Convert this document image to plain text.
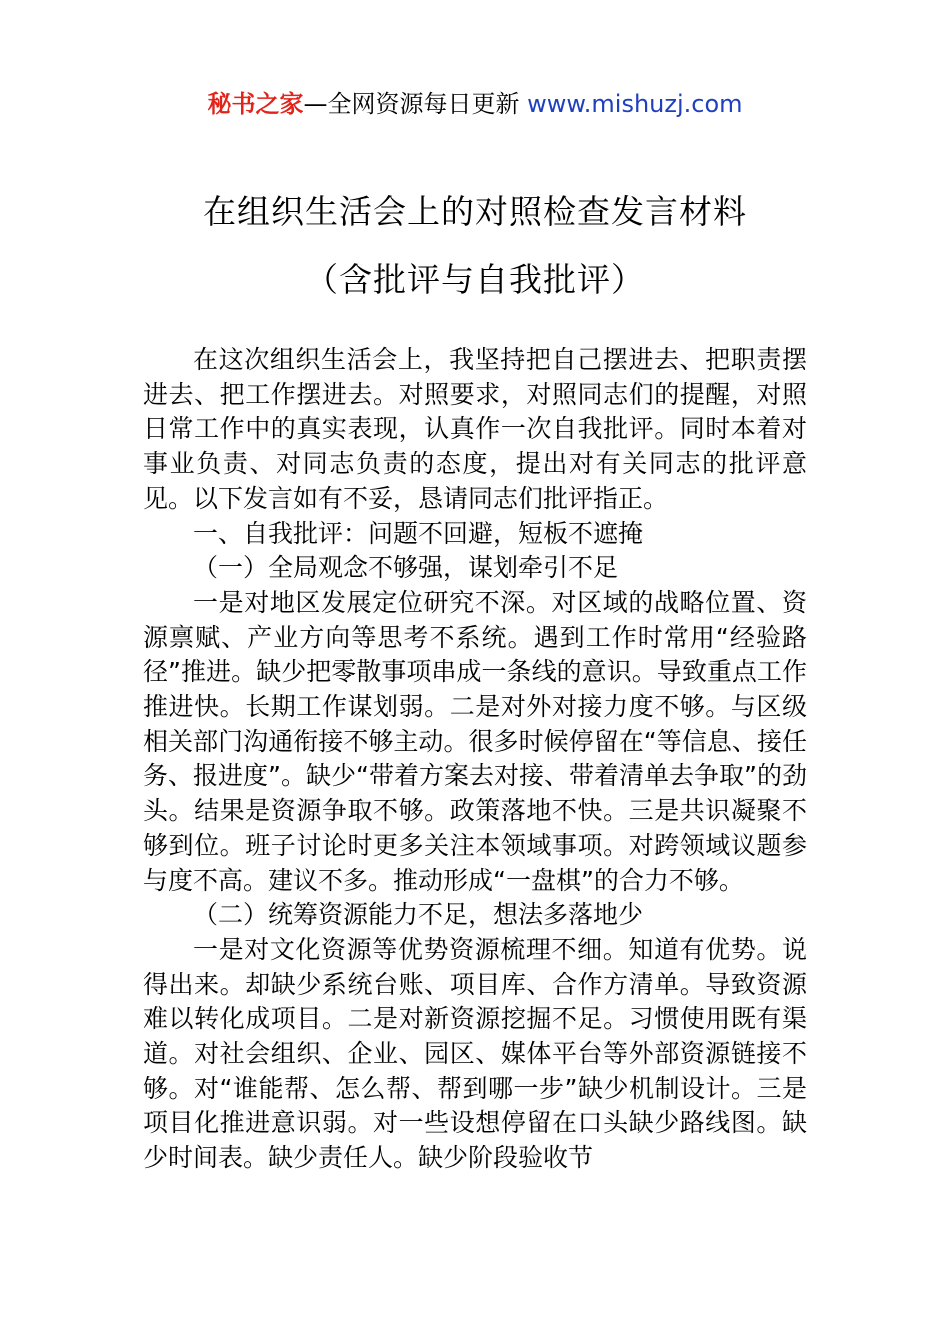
秘书之家—全网资源每日更新 www.mishuzj.com
在组织生活会上的对照检查发言材料
（含批评与自我批评）

在这次组织生活会上，我坚持把自己摆进去、把职责摆进去、把工作摆进去。对照要求，对照同志们的提醒，对照日常工作中的真实表现，认真作一次自我批评。同时本着对事业负责、对同志负责的态度，提出对有关同志的批评意见。以下发言如有不妥，恳请同志们批评指正。

一、自我批评：问题不回避，短板不遮掩

（一）全局观念不够强，谋划牵引不足

一是对地区发展定位研究不深。对区域的战略位置、资源禀赋、产业方向等思考不系统。遇到工作时常用“经验路径”推进。缺少把零散事项串成一条线的意识。导致重点工作推进快。长期工作谋划弱。二是对外对接力度不够。与区级相关部门沟通衔接不够主动。很多时候停留在“等信息、接任务、报进度”。缺少“带着方案去对接、带着清单去争取”的劲头。结果是资源争取不够。政策落地不快。三是共识凝聚不够到位。班子讨论时更多关注本领域事项。对跨领域议题参与度不高。建议不多。推动形成“一盘棋”的合力不够。

（二）统筹资源能力不足，想法多落地少

一是对文化资源等优势资源梳理不细。知道有优势。说得出来。却缺少系统台账、项目库、合作方清单。导致资源难以转化成项目。二是对新资源挖掘不足。习惯使用既有渠道。对社会组织、企业、园区、媒体平台等外部资源链接不够。对“谁能帮、怎么帮、帮到哪一步”缺少机制设计。三是项目化推进意识弱。对一些设想停留在口头缺少路线图。缺少时间表。缺少责任人。缺少阶段验收节
